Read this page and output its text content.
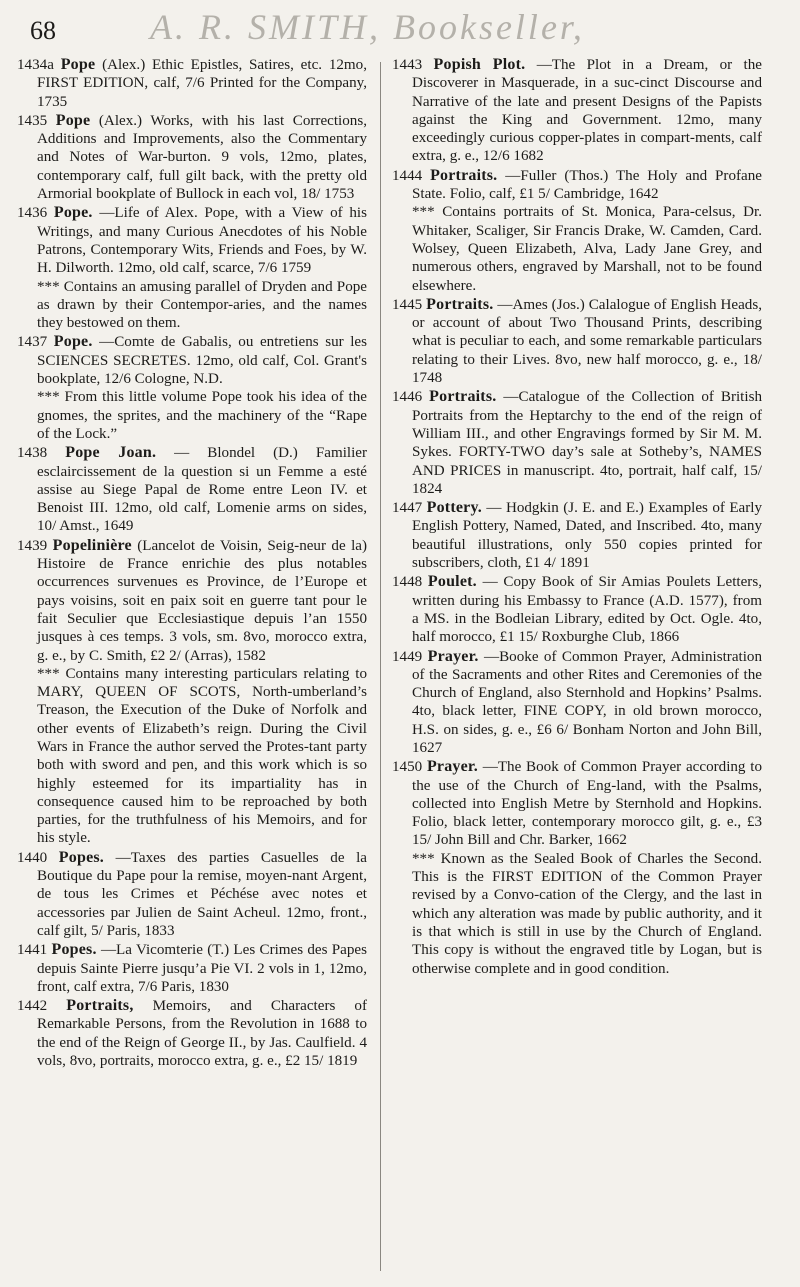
68	A. R. SMITH, Bookseller,

1434a Pope (Alex.) Ethic Epistles, Satires, etc. 12mo, FIRST EDITION, calf, 7/6 Printed for the Company, 1735

1435 Pope (Alex.) Works, with his last Corrections, Additions and Improvements, also the Commentary and Notes of War-burton. 9 vols, 12mo, plates, contemporary calf, full gilt back, with the pretty old Armorial bookplate of Bullock in each vol, 18/ 1753

1436 Pope. —Life of Alex. Pope, with a View of his Writings, and many Curious Anecdotes of his Noble Patrons, Contemporary Wits, Friends and Foes, by W. H. Dilworth. 12mo, old calf, scarce, 7/6 1759
*** Contains an amusing parallel of Dryden and Pope as drawn by their Contempor-aries, and the names they bestowed on them.

1437 Pope. —Comte de Gabalis, ou entretiens sur les SCIENCES SECRETES. 12mo, old calf, Col. Grant's bookplate, 12/6 Cologne, N.D.
*** From this little volume Pope took his idea of the gnomes, the sprites, and the machinery of the “Rape of the Lock.”

1438 Pope Joan. — Blondel (D.) Familier esclaircissement de la question si un Femme a esté assise au Siege Papal de Rome entre Leon IV. et Benoist III. 12mo, old calf, Lomenie arms on sides, 10/ Amst., 1649

1439 Popelinière (Lancelot de Voisin, Seig-neur de la) Histoire de France enrichie des plus notables occurrences survenues es Province, de l’Europe et pays voisins, soit en paix soit en guerre tant pour le fait Seculier que Ecclesiastique depuis l’an 1550 jusques à ces temps. 3 vols, sm. 8vo, morocco extra, g. e., by C. Smith, £2 2/ (Arras), 1582
*** Contains many interesting particulars relating to MARY, QUEEN OF SCOTS, North-umberland’s Treason, the Execution of the Duke of Norfolk and other events of Elizabeth’s reign. During the Civil Wars in France the author served the Protes-tant party both with sword and pen, and this work which is so highly esteemed for its impartiality has in consequence caused him to be reproached by both parties, for the truthfulness of his Memoirs, and for his style.

1440 Popes. —Taxes des parties Casuelles de la Boutique du Pape pour la remise, moyen-nant Argent, de tous les Crimes et Péchése avec notes et accessories par Julien de Saint Acheul. 12mo, front., calf gilt, 5/ Paris, 1833

1441 Popes. —La Vicomterie (T.) Les Crimes des Papes depuis Sainte Pierre jusqu’a Pie VI. 2 vols in 1, 12mo, front, calf extra, 7/6 Paris, 1830

1442 Portraits, Memoirs, and Characters of Remarkable Persons, from the Revolution in 1688 to the end of the Reign of George II., by Jas. Caulfield. 4 vols, 8vo, portraits, morocco extra, g. e., £2 15/ 1819

1443 Popish Plot. —The Plot in a Dream, or the Discoverer in Masquerade, in a suc-cinct Discourse and Narrative of the late and present Designs of the Papists against the King and Government. 12mo, many exceedingly curious copper-plates in compart-ments, calf extra, g. e., 12/6 1682

1444 Portraits. —Fuller (Thos.) The Holy and Profane State. Folio, calf, £1 5/ Cambridge, 1642
*** Contains portraits of St. Monica, Para-celsus, Dr. Whitaker, Scaliger, Sir Francis Drake, W. Camden, Card. Wolsey, Queen Elizabeth, Alva, Lady Jane Grey, and numerous others, engraved by Marshall, not to be found elsewhere.

1445 Portraits. —Ames (Jos.) Calalogue of English Heads, or account of about Two Thousand Prints, describing what is peculiar to each, and some remarkable particulars relating to their Lives. 8vo, new half morocco, g. e., 18/ 1748

1446 Portraits. —Catalogue of the Collection of British Portraits from the Heptarchy to the end of the reign of William III., and other Engravings formed by Sir M. M. Sykes. FORTY-TWO day’s sale at Sotheby’s, NAMES AND PRICES in manuscript. 4to, portrait, half calf, 15/ 1824

1447 Pottery. — Hodgkin (J. E. and E.) Examples of Early English Pottery, Named, Dated, and Inscribed. 4to, many beautiful illustrations, only 550 copies printed for subscribers, cloth, £1 4/ 1891

1448 Poulet. — Copy Book of Sir Amias Poulets Letters, written during his Embassy to France (A.D. 1577), from a MS. in the Bodleian Library, edited by Oct. Ogle. 4to, half morocco, £1 15/ Roxburghe Club, 1866

1449 Prayer. —Booke of Common Prayer, Administration of the Sacraments and other Rites and Ceremonies of the Church of England, also Sternhold and Hopkins’ Psalms. 4to, black letter, FINE COPY, in old brown morocco, H.S. on sides, g. e., £6 6/ Bonham Norton and John Bill, 1627

1450 Prayer. —The Book of Common Prayer according to the use of the Church of Eng-land, with the Psalms, collected into English Metre by Sternhold and Hopkins. Folio, black letter, contemporary morocco gilt, g. e., £3 15/ John Bill and Chr. Barker, 1662
*** Known as the Sealed Book of Charles the Second. This is the FIRST EDITION of the Common Prayer revised by a Convo-cation of the Clergy, and the last in which any alteration was made by public authority, and it is that which is still in use by the Church of England. This copy is without the engraved title by Logan, but is otherwise complete and in good condition.
